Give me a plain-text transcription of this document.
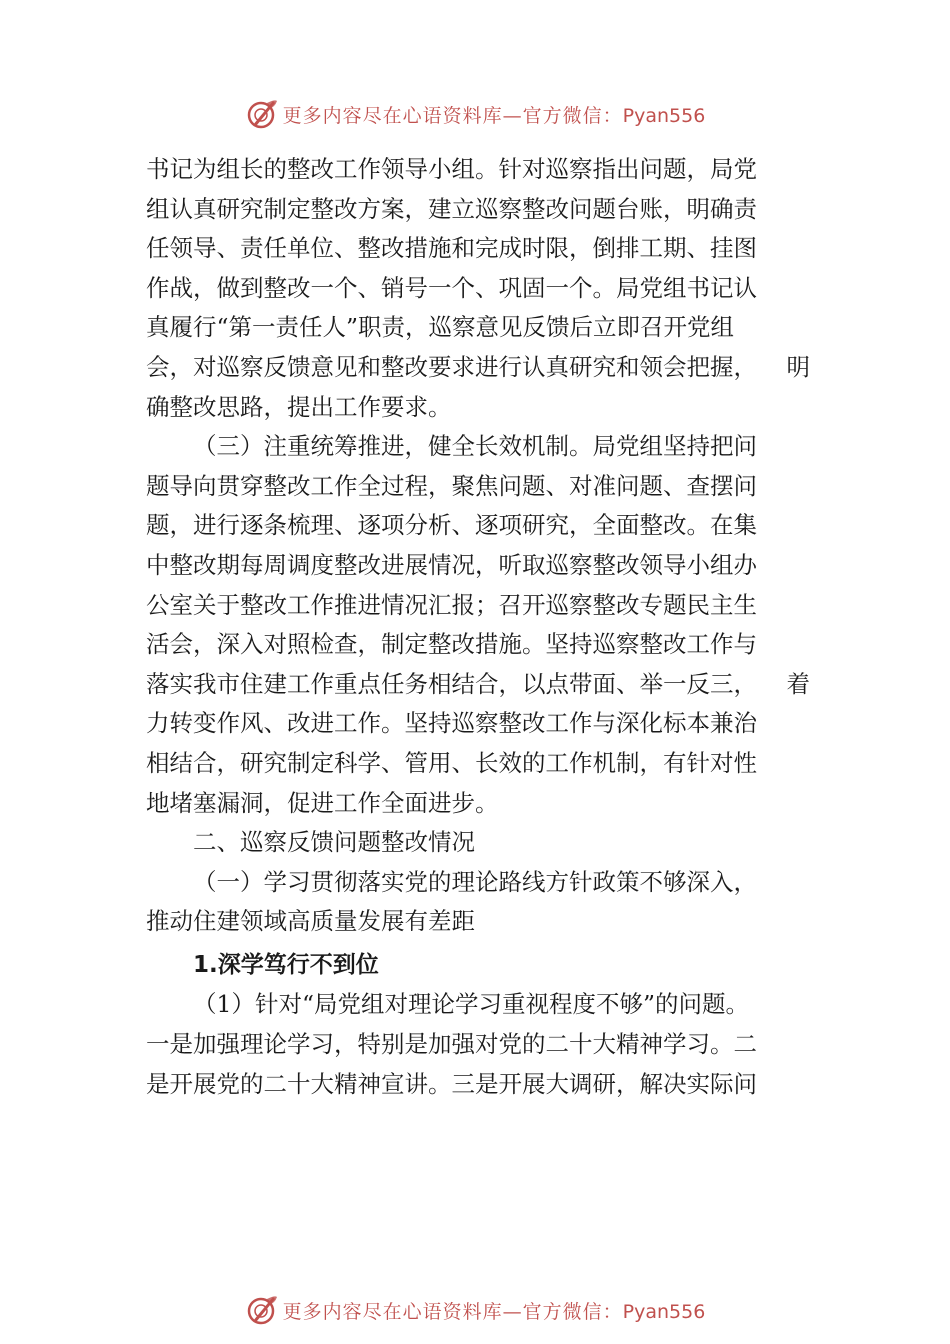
更多内容尽在心语资料库—官方微信：Pyan556
书记为组长的整改工作领导小组。针对巡察指出问题，局党
组认真研究制定整改方案，建立巡察整改问题台账，明确责
任领导、责任单位、整改措施和完成时限，倒排工期、挂图
作战，做到整改一个、销号一个、巩固一个。局党组书记认
真履行“第一责任人”职责，巡察意见反馈后立即召开党组
会，对巡察反馈意见和整改要求进行认真研究和领会把握， 明
确整改思路，提出工作要求。
（三）注重统筹推进，健全长效机制。局党组坚持把问
题导向贯穿整改工作全过程，聚焦问题、对准问题、查摆问
题，进行逐条梳理、逐项分析、逐项研究，全面整改。在集
中整改期每周调度整改进展情况，听取巡察整改领导小组办
公室关于整改工作推进情况汇报；召开巡察整改专题民主生
活会，深入对照检查，制定整改措施。坚持巡察整改工作与
落实我市住建工作重点任务相结合，以点带面、举一反三， 着
力转变作风、改进工作。坚持巡察整改工作与深化标本兼治
相结合，研究制定科学、管用、长效的工作机制，有针对性
地堵塞漏洞，促进工作全面进步。
二、巡察反馈问题整改情况
（一）学习贯彻落实党的理论路线方针政策不够深入，
推动住建领域高质量发展有差距
1.深学笃行不到位
（1）针对“局党组对理论学习重视程度不够”的问题。
一是加强理论学习，特别是加强对党的二十大精神学习。二
是开展党的二十大精神宣讲。三是开展大调研，解决实际问
更多内容尽在心语资料库—官方微信：Pyan556
